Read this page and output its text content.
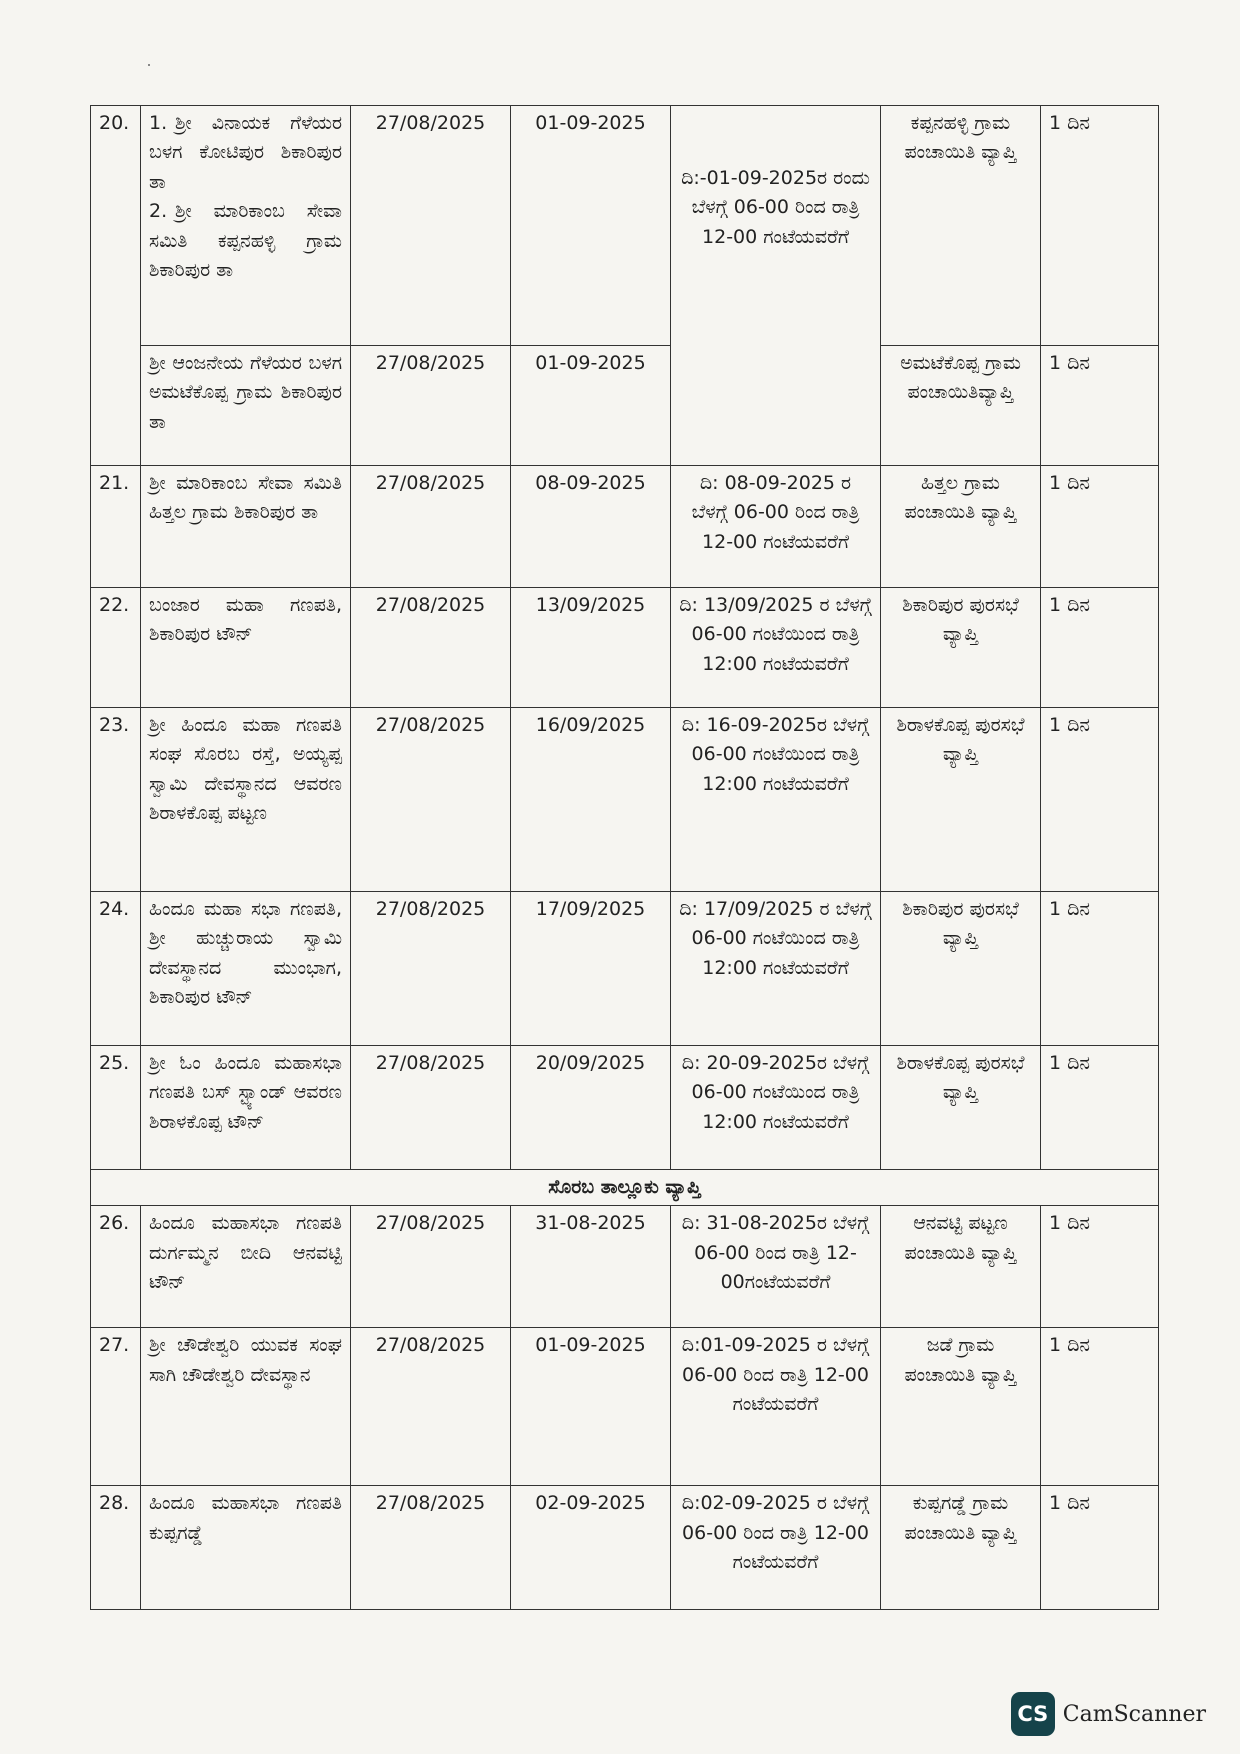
20.	1. ಶ್ರೀ ವಿನಾಯಕ ಗೆಳೆಯರ ಬಳಗ ಕೋಟಿಪುರ ಶಿಕಾರಿಪುರ ತಾ
2. ಶ್ರೀ ಮಾರಿಕಾಂಬ ಸೇವಾ ಸಮಿತಿ ಕಪ್ಪನಹಳ್ಳಿ ಗ್ರಾಮ ಶಿಕಾರಿಪುರ ತಾ	27/08/2025	01-09-2025	ದಿ:-01-09-2025ರ ರಂದು ಬೆಳಗ್ಗೆ 06-00 ರಿಂದ ರಾತ್ರಿ 12-00 ಗಂಟೆಯವರೆಗೆ	ಕಪ್ಪನಹಳ್ಳಿ ಗ್ರಾಮ ಪಂಚಾಯಿತಿ ವ್ಯಾಪ್ತಿ	1 ದಿನ
	ಶ್ರೀ ಆಂಜನೇಯ ಗೆಳೆಯರ ಬಳಗ ಅಮಟೆಕೊಪ್ಪ ಗ್ರಾಮ ಶಿಕಾರಿಪುರ ತಾ	27/08/2025	01-09-2025		ಅಮಟೆಕೊಪ್ಪ ಗ್ರಾಮ ಪಂಚಾಯಿತಿವ್ಯಾಪ್ತಿ	1 ದಿನ
21.	ಶ್ರೀ ಮಾರಿಕಾಂಬ ಸೇವಾ ಸಮಿತಿ ಹಿತ್ತಲ ಗ್ರಾಮ ಶಿಕಾರಿಪುರ ತಾ	27/08/2025	08-09-2025	ದಿ: 08-09-2025 ರ ಬೆಳಗ್ಗೆ 06-00 ರಿಂದ ರಾತ್ರಿ 12-00 ಗಂಟೆಯವರೆಗೆ	ಹಿತ್ತಲ ಗ್ರಾಮ ಪಂಚಾಯಿತಿ ವ್ಯಾಪ್ತಿ	1 ದಿನ
22.	ಬಂಜಾರ ಮಹಾ ಗಣಪತಿ, ಶಿಕಾರಿಪುರ ಟೌನ್	27/08/2025	13/09/2025	ದಿ: 13/09/2025 ರ ಬೆಳಗ್ಗೆ 06-00 ಗಂಟೆಯಿಂದ ರಾತ್ರಿ 12:00 ಗಂಟೆಯವರೆಗೆ	ಶಿಕಾರಿಪುರ ಪುರಸಭೆ ವ್ಯಾಪ್ತಿ	1 ದಿನ
23.	ಶ್ರೀ ಹಿಂದೂ ಮಹಾ ಗಣಪತಿ ಸಂಘ ಸೊರಬ ರಸ್ತೆ, ಅಯ್ಯಪ್ಪ ಸ್ವಾಮಿ ದೇವಸ್ಥಾನದ ಆವರಣ ಶಿರಾಳಕೊಪ್ಪ ಪಟ್ಟಣ	27/08/2025	16/09/2025	ದಿ: 16-09-2025ರ ಬೆಳಗ್ಗೆ 06-00 ಗಂಟೆಯಿಂದ ರಾತ್ರಿ 12:00 ಗಂಟೆಯವರೆಗೆ	ಶಿರಾಳಕೊಪ್ಪ ಪುರಸಭೆ ವ್ಯಾಪ್ತಿ	1 ದಿನ
24.	ಹಿಂದೂ ಮಹಾ ಸಭಾ ಗಣಪತಿ, ಶ್ರೀ ಹುಚ್ಚುರಾಯ ಸ್ವಾಮಿ ದೇವಸ್ಥಾನದ ಮುಂಭಾಗ, ಶಿಕಾರಿಪುರ ಟೌನ್	27/08/2025	17/09/2025	ದಿ: 17/09/2025 ರ ಬೆಳಗ್ಗೆ 06-00 ಗಂಟೆಯಿಂದ ರಾತ್ರಿ 12:00 ಗಂಟೆಯವರೆಗೆ	ಶಿಕಾರಿಪುರ ಪುರಸಭೆ ವ್ಯಾಪ್ತಿ	1 ದಿನ
25.	ಶ್ರೀ ಓಂ ಹಿಂದೂ ಮಹಾಸಭಾ ಗಣಪತಿ ಬಸ್ ಸ್ಟ್ಯಾಂಡ್ ಆವರಣ ಶಿರಾಳಕೊಪ್ಪ ಟೌನ್	27/08/2025	20/09/2025	ದಿ: 20-09-2025ರ ಬೆಳಗ್ಗೆ 06-00 ಗಂಟೆಯಿಂದ ರಾತ್ರಿ 12:00 ಗಂಟೆಯವರೆಗೆ	ಶಿರಾಳಕೊಪ್ಪ ಪುರಸಭೆ ವ್ಯಾಪ್ತಿ	1 ದಿನ
ಸೊರಬ ತಾಲ್ಲೂಕು ವ್ಯಾಪ್ತಿ						
26.	ಹಿಂದೂ ಮಹಾಸಭಾ ಗಣಪತಿ ದುರ್ಗಮ್ಮನ ಬೀದಿ ಆನವಟ್ಟಿ ಟೌನ್	27/08/2025	31-08-2025	ದಿ: 31-08-2025ರ ಬೆಳಗ್ಗೆ 06-00 ರಿಂದ ರಾತ್ರಿ 12-00ಗಂಟೆಯವರೆಗೆ	ಆನವಟ್ಟಿ ಪಟ್ಟಣ ಪಂಚಾಯಿತಿ ವ್ಯಾಪ್ತಿ	1 ದಿನ
27.	ಶ್ರೀ ಚೌಡೇಶ್ವರಿ ಯುವಕ ಸಂಘ ಸಾಗಿ ಚೌಡೇಶ್ವರಿ ದೇವಸ್ಥಾನ	27/08/2025	01-09-2025	ದಿ:01-09-2025 ರ ಬೆಳಗ್ಗೆ 06-00 ರಿಂದ ರಾತ್ರಿ 12-00 ಗಂಟೆಯವರೆಗೆ	ಜಡೆ ಗ್ರಾಮ ಪಂಚಾಯಿತಿ ವ್ಯಾಪ್ತಿ	1 ದಿನ
28.	ಹಿಂದೂ ಮಹಾಸಭಾ ಗಣಪತಿ ಕುಪ್ಪಗಡ್ಡೆ	27/08/2025	02-09-2025	ದಿ:02-09-2025 ರ ಬೆಳಗ್ಗೆ 06-00 ರಿಂದ ರಾತ್ರಿ 12-00 ಗಂಟೆಯವರೆಗೆ	ಕುಪ್ಪಗಡ್ಡೆ ಗ್ರಾಮ ಪಂಚಾಯಿತಿ ವ್ಯಾಪ್ತಿ	1 ದಿನ
CS CamScanner
